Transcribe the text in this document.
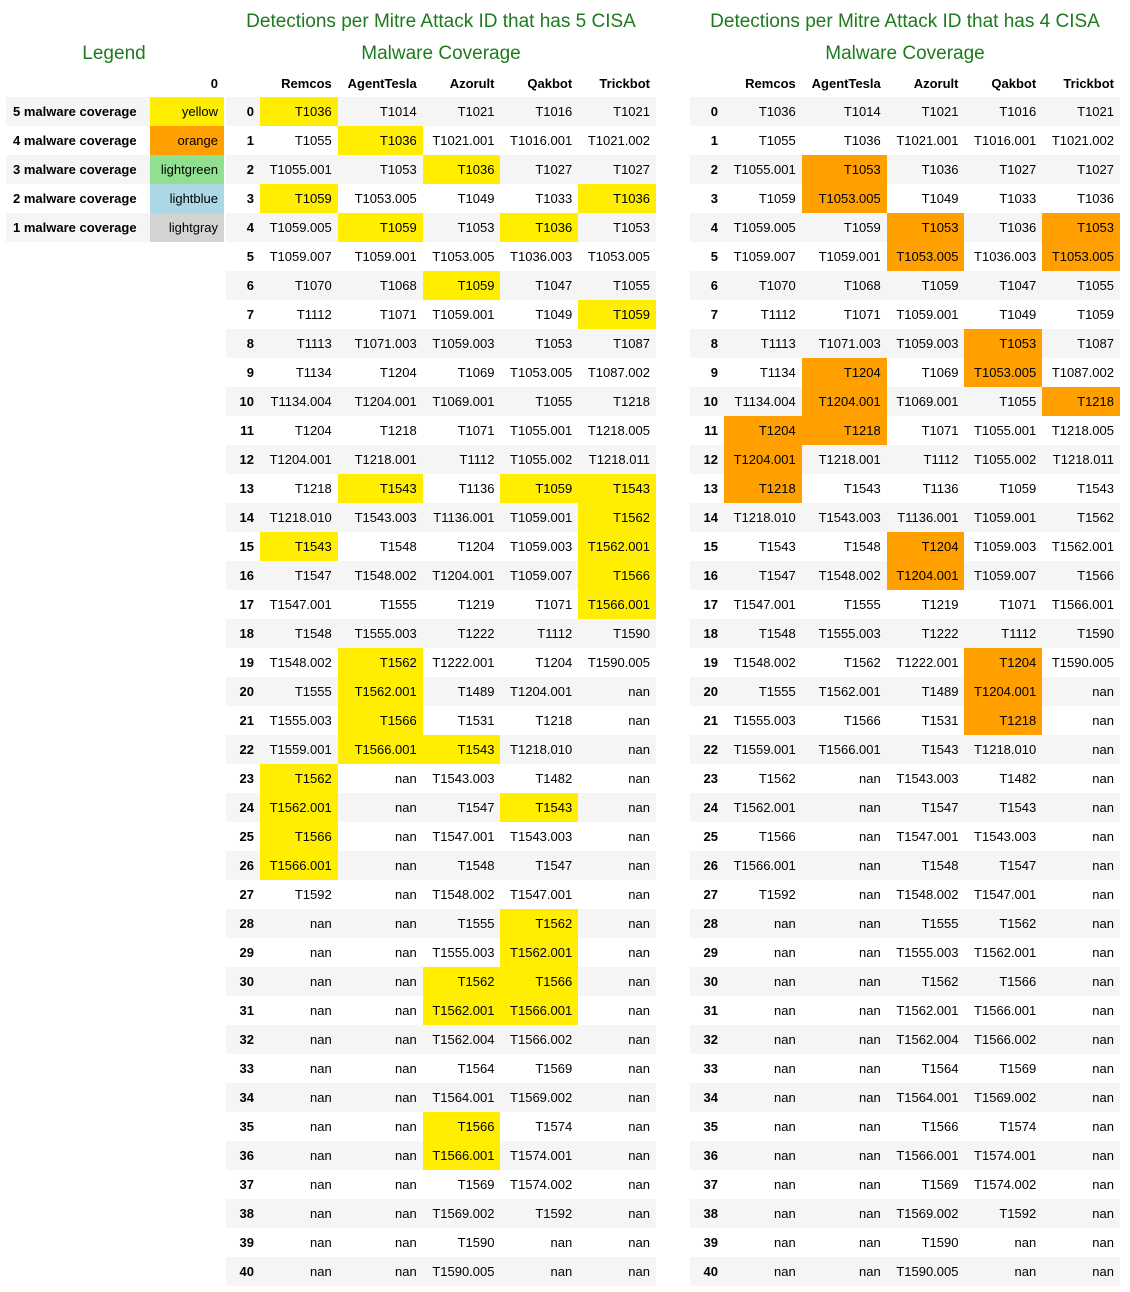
Legend
	0
5 malware coverage	yellow
4 malware coverage	orange
3 malware coverage	lightgreen
2 malware coverage	lightblue
1 malware coverage	lightgray
Detections per Mitre Attack ID that has 5 CISA Malware Coverage
	Remcos	AgentTesla	Azorult	Qakbot	Trickbot
0	T1036	T1014	T1021	T1016	T1021
1	T1055	T1036	T1021.001	T1016.001	T1021.002
2	T1055.001	T1053	T1036	T1027	T1027
3	T1059	T1053.005	T1049	T1033	T1036
4	T1059.005	T1059	T1053	T1036	T1053
5	T1059.007	T1059.001	T1053.005	T1036.003	T1053.005
6	T1070	T1068	T1059	T1047	T1055
7	T1112	T1071	T1059.001	T1049	T1059
8	T1113	T1071.003	T1059.003	T1053	T1087
9	T1134	T1204	T1069	T1053.005	T1087.002
10	T1134.004	T1204.001	T1069.001	T1055	T1218
11	T1204	T1218	T1071	T1055.001	T1218.005
12	T1204.001	T1218.001	T1112	T1055.002	T1218.011
13	T1218	T1543	T1136	T1059	T1543
14	T1218.010	T1543.003	T1136.001	T1059.001	T1562
15	T1543	T1548	T1204	T1059.003	T1562.001
16	T1547	T1548.002	T1204.001	T1059.007	T1566
17	T1547.001	T1555	T1219	T1071	T1566.001
18	T1548	T1555.003	T1222	T1112	T1590
19	T1548.002	T1562	T1222.001	T1204	T1590.005
20	T1555	T1562.001	T1489	T1204.001	nan
21	T1555.003	T1566	T1531	T1218	nan
22	T1559.001	T1566.001	T1543	T1218.010	nan
23	T1562	nan	T1543.003	T1482	nan
24	T1562.001	nan	T1547	T1543	nan
25	T1566	nan	T1547.001	T1543.003	nan
26	T1566.001	nan	T1548	T1547	nan
27	T1592	nan	T1548.002	T1547.001	nan
28	nan	nan	T1555	T1562	nan
29	nan	nan	T1555.003	T1562.001	nan
30	nan	nan	T1562	T1566	nan
31	nan	nan	T1562.001	T1566.001	nan
32	nan	nan	T1562.004	T1566.002	nan
33	nan	nan	T1564	T1569	nan
34	nan	nan	T1564.001	T1569.002	nan
35	nan	nan	T1566	T1574	nan
36	nan	nan	T1566.001	T1574.001	nan
37	nan	nan	T1569	T1574.002	nan
38	nan	nan	T1569.002	T1592	nan
39	nan	nan	T1590	nan	nan
40	nan	nan	T1590.005	nan	nan
Detections per Mitre Attack ID that has 4 CISA Malware Coverage
	Remcos	AgentTesla	Azorult	Qakbot	Trickbot
0	T1036	T1014	T1021	T1016	T1021
1	T1055	T1036	T1021.001	T1016.001	T1021.002
2	T1055.001	T1053	T1036	T1027	T1027
3	T1059	T1053.005	T1049	T1033	T1036
4	T1059.005	T1059	T1053	T1036	T1053
5	T1059.007	T1059.001	T1053.005	T1036.003	T1053.005
6	T1070	T1068	T1059	T1047	T1055
7	T1112	T1071	T1059.001	T1049	T1059
8	T1113	T1071.003	T1059.003	T1053	T1087
9	T1134	T1204	T1069	T1053.005	T1087.002
10	T1134.004	T1204.001	T1069.001	T1055	T1218
11	T1204	T1218	T1071	T1055.001	T1218.005
12	T1204.001	T1218.001	T1112	T1055.002	T1218.011
13	T1218	T1543	T1136	T1059	T1543
14	T1218.010	T1543.003	T1136.001	T1059.001	T1562
15	T1543	T1548	T1204	T1059.003	T1562.001
16	T1547	T1548.002	T1204.001	T1059.007	T1566
17	T1547.001	T1555	T1219	T1071	T1566.001
18	T1548	T1555.003	T1222	T1112	T1590
19	T1548.002	T1562	T1222.001	T1204	T1590.005
20	T1555	T1562.001	T1489	T1204.001	nan
21	T1555.003	T1566	T1531	T1218	nan
22	T1559.001	T1566.001	T1543	T1218.010	nan
23	T1562	nan	T1543.003	T1482	nan
24	T1562.001	nan	T1547	T1543	nan
25	T1566	nan	T1547.001	T1543.003	nan
26	T1566.001	nan	T1548	T1547	nan
27	T1592	nan	T1548.002	T1547.001	nan
28	nan	nan	T1555	T1562	nan
29	nan	nan	T1555.003	T1562.001	nan
30	nan	nan	T1562	T1566	nan
31	nan	nan	T1562.001	T1566.001	nan
32	nan	nan	T1562.004	T1566.002	nan
33	nan	nan	T1564	T1569	nan
34	nan	nan	T1564.001	T1569.002	nan
35	nan	nan	T1566	T1574	nan
36	nan	nan	T1566.001	T1574.001	nan
37	nan	nan	T1569	T1574.002	nan
38	nan	nan	T1569.002	T1592	nan
39	nan	nan	T1590	nan	nan
40	nan	nan	T1590.005	nan	nan
